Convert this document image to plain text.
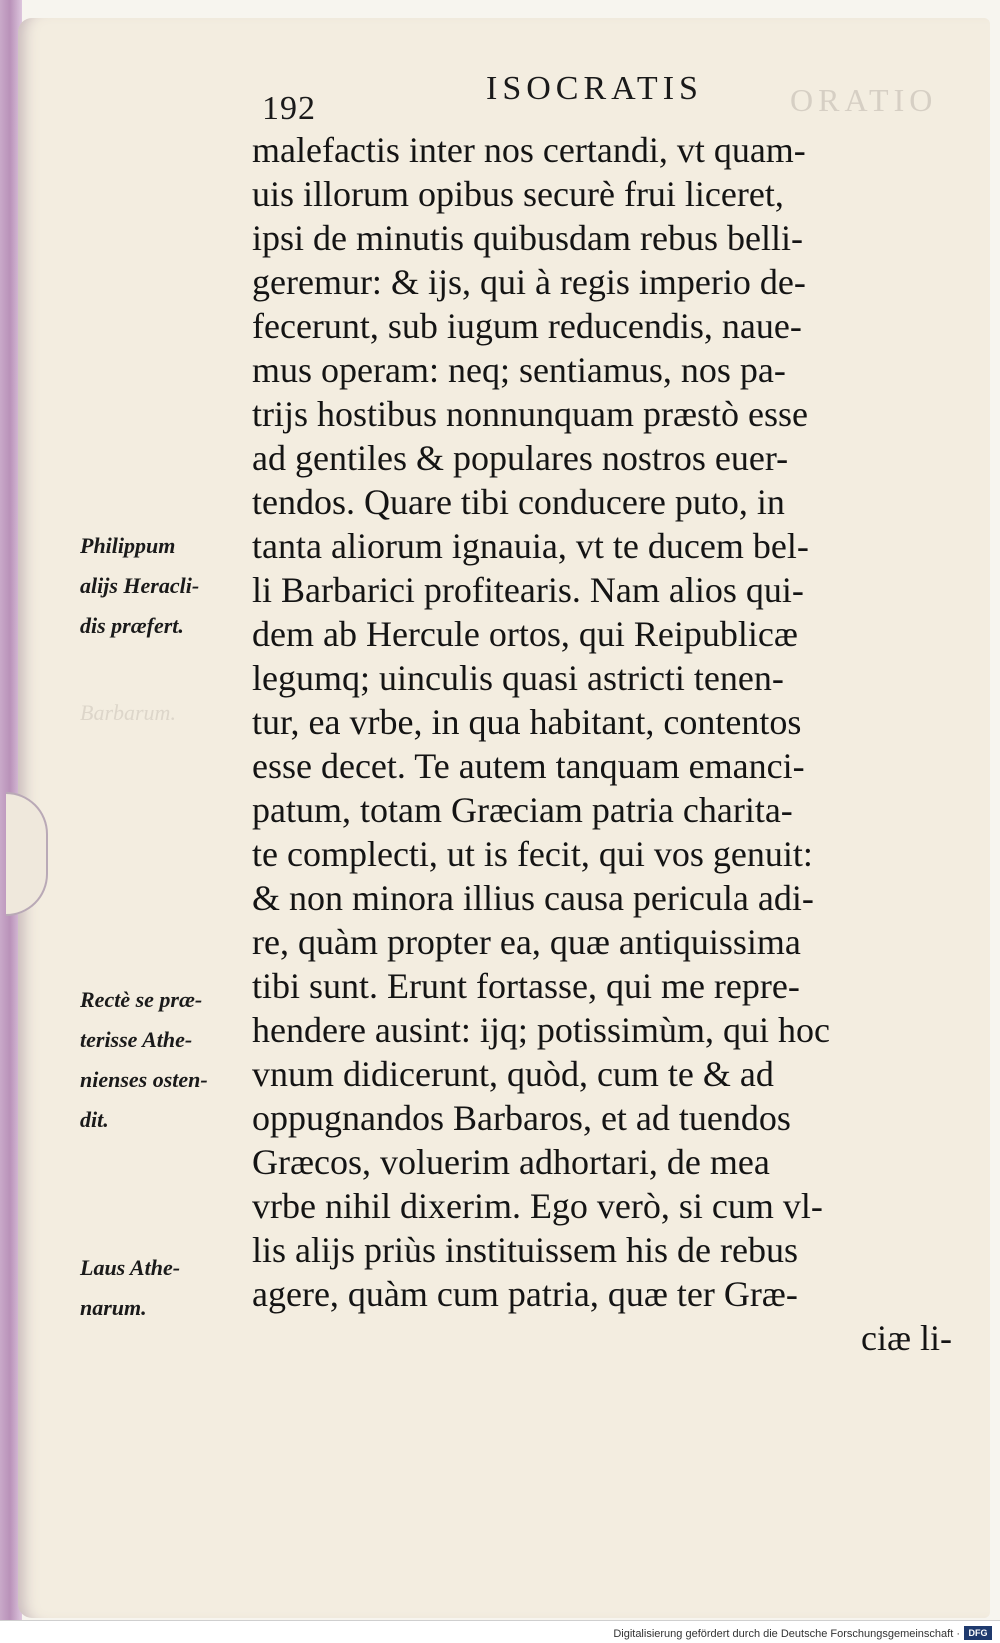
ORATIO
192
ISOCRATIS
malefactis inter nos certandi, vt quam-
uis illorum opibus securè frui liceret,
ipsi de minutis quibusdam rebus belli-
geremur: & ijs, qui à regis imperio de-
fecerunt, sub iugum reducendis, naue-
mus operam: neq; sentiamus, nos pa-
trijs hostibus nonnunquam præstò esse
ad gentiles & populares nostros euer-
tendos. Quare tibi conducere puto, in
tanta aliorum ignauia, vt te ducem bel-
li Barbarici profitearis. Nam alios qui-
dem ab Hercule ortos, qui Reipublicæ
legumq; uinculis quasi astricti tenen-
tur, ea vrbe, in qua habitant, contentos
esse decet. Te autem tanquam emanci-
patum, totam Græciam patria charita-
te complecti, ut is fecit, qui vos genuit:
& non minora illius causa pericula adi-
re, quàm propter ea, quæ antiquissima
tibi sunt. Erunt fortasse, qui me repre-
hendere ausint: ijq; potissimùm, qui hoc
vnum didicerunt, quòd, cum te & ad
oppugnandos Barbaros, et ad tuendos
Græcos, voluerim adhortari, de mea
vrbe nihil dixerim. Ego verò, si cum vl-
lis alijs priùs instituissem his de rebus
agere, quàm cum patria, quæ ter Græ-
ciæ li-
Philippum
alijs Heracli-
dis præfert.
Barbarum.
Rectè se præ-
terisse Athe-
nienses osten-
dit.
Laus Athe-
narum.
Digitalisierung gefördert durch die Deutsche Forschungsgemeinschaft · DFG
